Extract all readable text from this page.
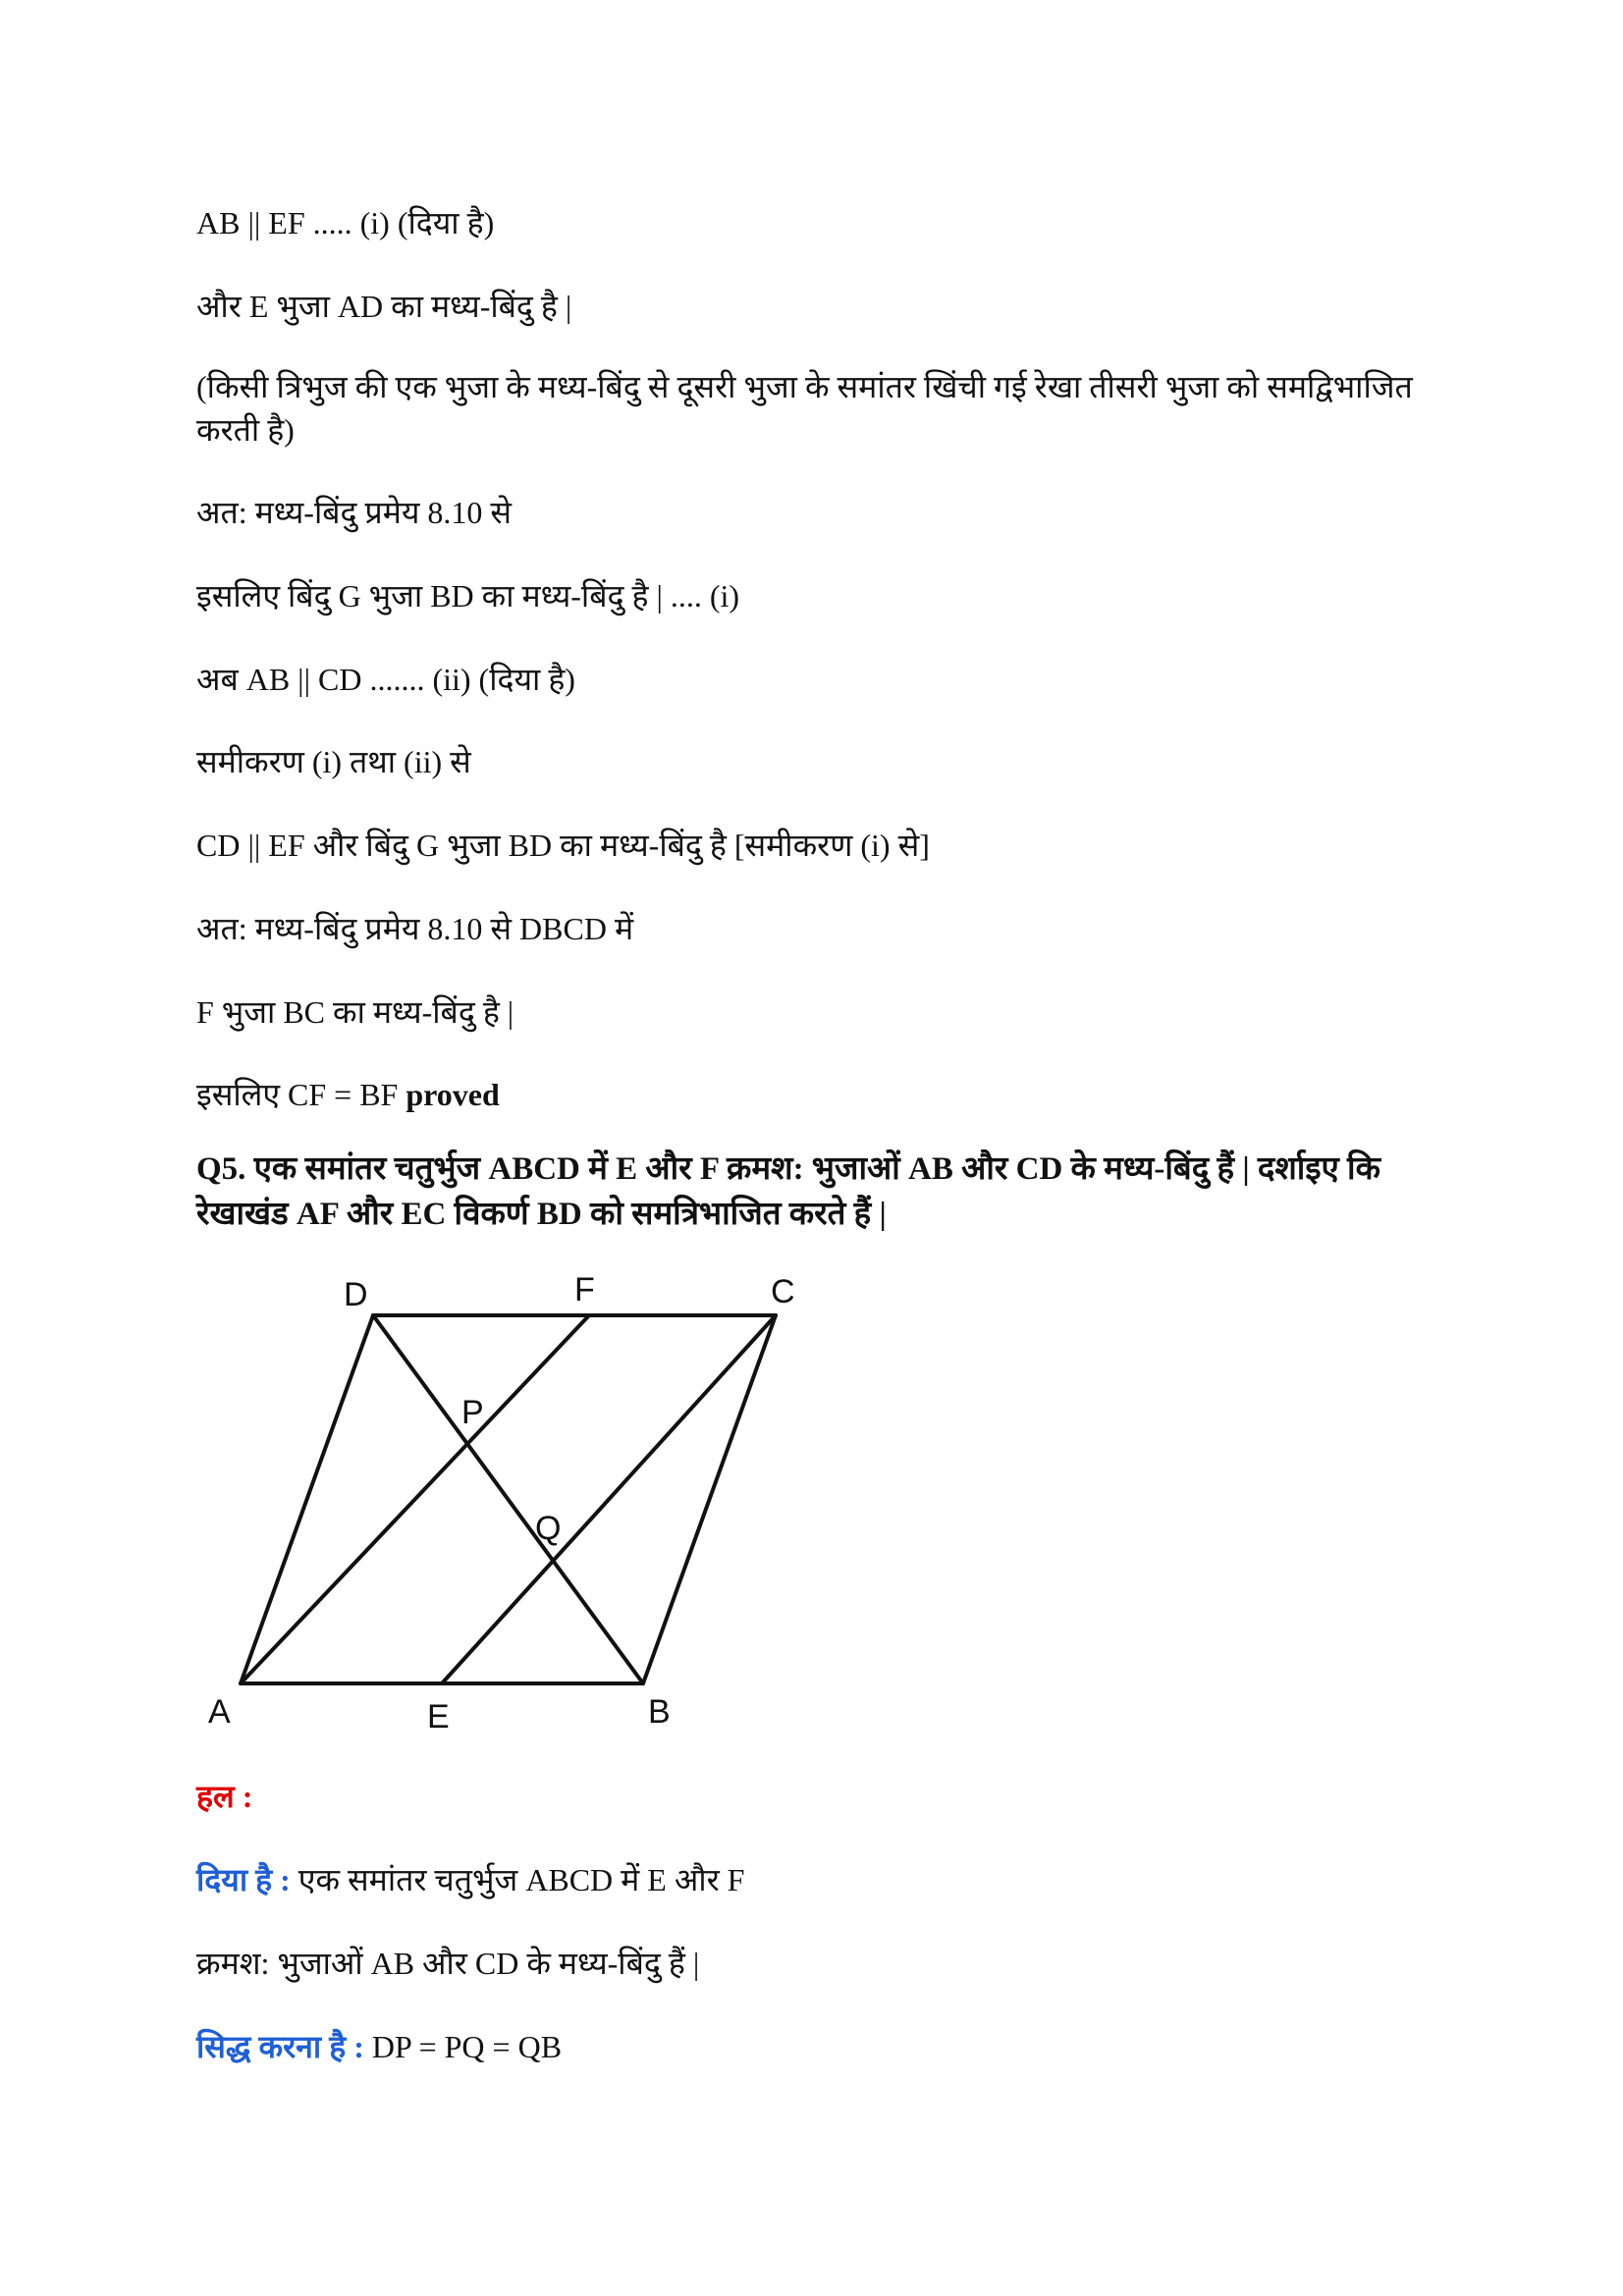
AB || EF ..... (i) (दिया है)
और E भुजा AD का मध्य-बिंदु है |
(किसी त्रिभुज की एक भुजा के मध्य-बिंदु से दूसरी भुजा के समांतर खिंची गई रेखा तीसरी भुजा को समद्विभाजित करती है)
अत: मध्य-बिंदु प्रमेय 8.10 से
इसलिए बिंदु G भुजा BD का मध्य-बिंदु है | .... (i)
अब AB || CD ....... (ii) (दिया है)
समीकरण (i) तथा (ii) से
CD || EF और बिंदु G भुजा BD का मध्य-बिंदु है [समीकरण (i) से]
अत: मध्य-बिंदु प्रमेय 8.10 से DBCD में
F भुजा BC का मध्य-बिंदु है |
इसलिए CF = BF proved
Q5. एक समांतर चतुर्भुज ABCD में E और F क्रमश: भुजाओं AB और CD के मध्य-बिंदु हैं | दर्शाइए कि रेखाखंड AF और EC विकर्ण BD को समत्रिभाजित करते हैं |
D	F	C
P
Q
A	E	B
हल :
दिया है : एक समांतर चतुर्भुज ABCD में E और F
क्रमश: भुजाओं AB और CD के मध्य-बिंदु हैं |
सिद्ध करना है : DP = PQ = QB
